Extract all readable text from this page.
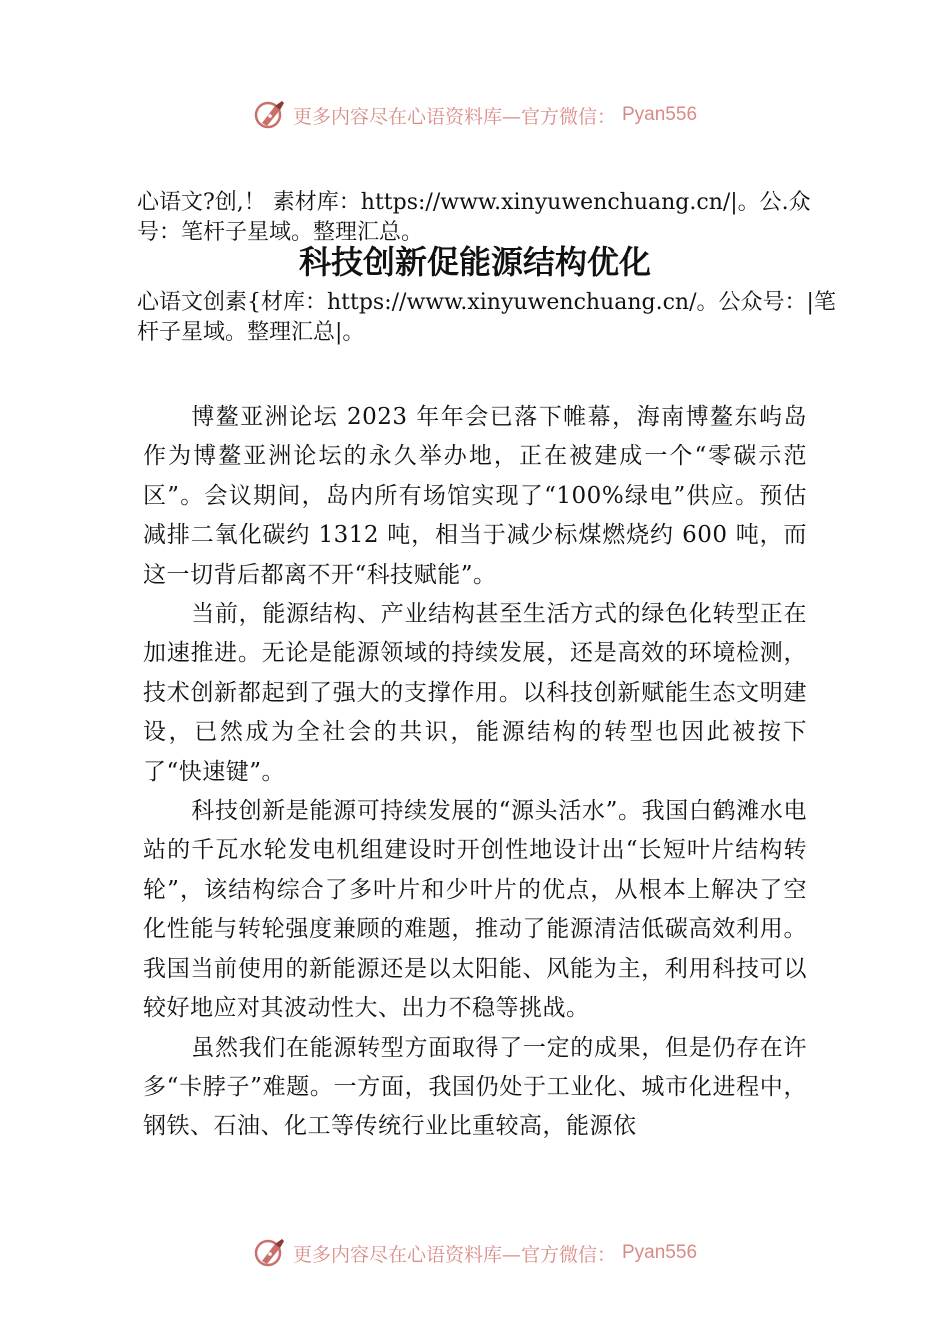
更多内容尽在心语资料库—官方微信： Pyan556
心语文?创,！ 素材库：https://www.xinyuwenchuang.cn/|。公.众号：笔杆子星域。整理汇总。
科技创新促能源结构优化
心语文创素{材库：https://www.xinyuwenchuang.cn/。公众号：|笔杆子星域。整理汇总|。

博鳌亚洲论坛 2023 年年会已落下帷幕，海南博鳌东屿岛作为博鳌亚洲论坛的永久举办地，正在被建成一个“零碳示范区”。会议期间，岛内所有场馆实现了“100%绿电”供应。预估减排二氧化碳约 1312 吨，相当于减少标煤燃烧约 600 吨，而这一切背后都离不开“科技赋能”。

当前，能源结构、产业结构甚至生活方式的绿色化转型正在加速推进。无论是能源领域的持续发展，还是高效的环境检测，技术创新都起到了强大的支撑作用。以科技创新赋能生态文明建设，已然成为全社会的共识，能源结构的转型也因此被按下了“快速键”。

科技创新是能源可持续发展的“源头活水”。我国白鹤滩水电站的千瓦水轮发电机组建设时开创性地设计出“长短叶片结构转轮”，该结构综合了多叶片和少叶片的优点，从根本上解决了空化性能与转轮强度兼顾的难题，推动了能源清洁低碳高效利用。我国当前使用的新能源还是以太阳能、风能为主，利用科技可以较好地应对其波动性大、出力不稳等挑战。

虽然我们在能源转型方面取得了一定的成果，但是仍存在许多“卡脖子”难题。一方面，我国仍处于工业化、城市化进程中，钢铁、石油、化工等传统行业比重较高，能源依

更多内容尽在心语资料库—官方微信： Pyan556
